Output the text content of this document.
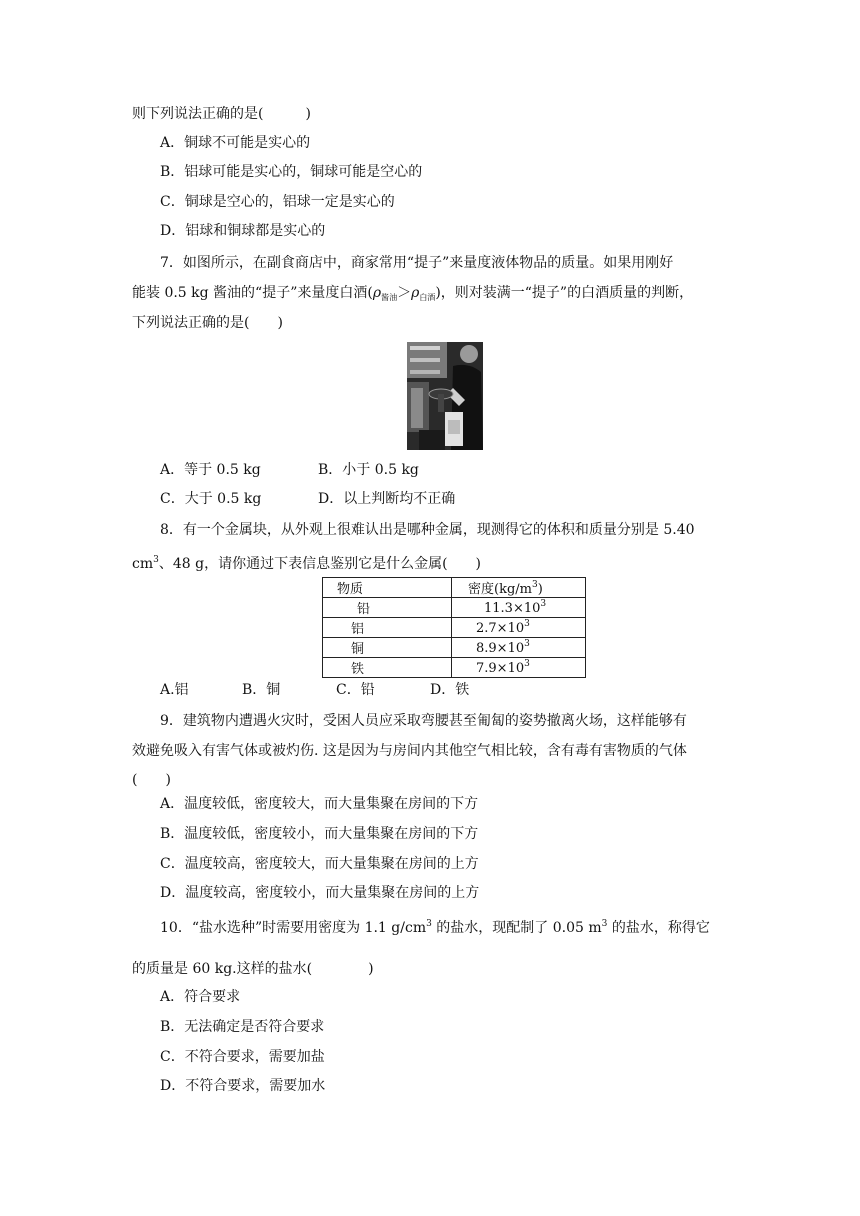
则下列说法正确的是(　　　)
A．铜球不可能是实心的
B．铝球可能是实心的，铜球可能是空心的
C．铜球是空心的，铝球一定是实心的
D．铝球和铜球都是实心的
7．如图所示，在副食商店中，商家常用“提子”来量度液体物品的质量。如果用刚好
能装 0.5 kg 酱油的“提子”来量度白酒$(\rho_{酱油}>\rho_{白酒})$，则对装满一“提子”的白酒质量的判断，
下列说法正确的是(　　)
A．等于 0.5 kg	B．小于 0.5 kg
C．大于 0.5 kg	D．以上判断均不正确
8．有一个金属块，从外观上很难认出是哪种金属，现测得它的体积和质量分别是 5.40
$cm^3$、48 g，请你通过下表信息鉴别它是什么金属(　　)
物质	密度$(kg/m^3)$
铅	$11.3\times 10^3$
铝	$2.7\times 10^3$
铜	$8.9\times 10^3$
铁	$7.9\times 10^3$
A.铝	B．铜	C．铅	D．铁
9．建筑物内遭遇火灾时，受困人员应采取弯腰甚至匍匐的姿势撤离火场，这样能够有
效避免吸入有害气体或被灼伤. 这是因为与房间内其他空气相比较，含有毒有害物质的气体
(　　)
A．温度较低，密度较大，而大量集聚在房间的下方
B．温度较低，密度较小，而大量集聚在房间的下方
C．温度较高，密度较大，而大量集聚在房间的上方
D．温度较高，密度较小，而大量集聚在房间的上方
10．“盐水选种”时需要用密度为 1.1 $g/cm^3$ 的盐水，现配制了 0.05 $m^3$ 的盐水，称得它
的质量是 60 kg.这样的盐水(　　　　)
A．符合要求
B．无法确定是否符合要求
C．不符合要求，需要加盐
D．不符合要求，需要加水
